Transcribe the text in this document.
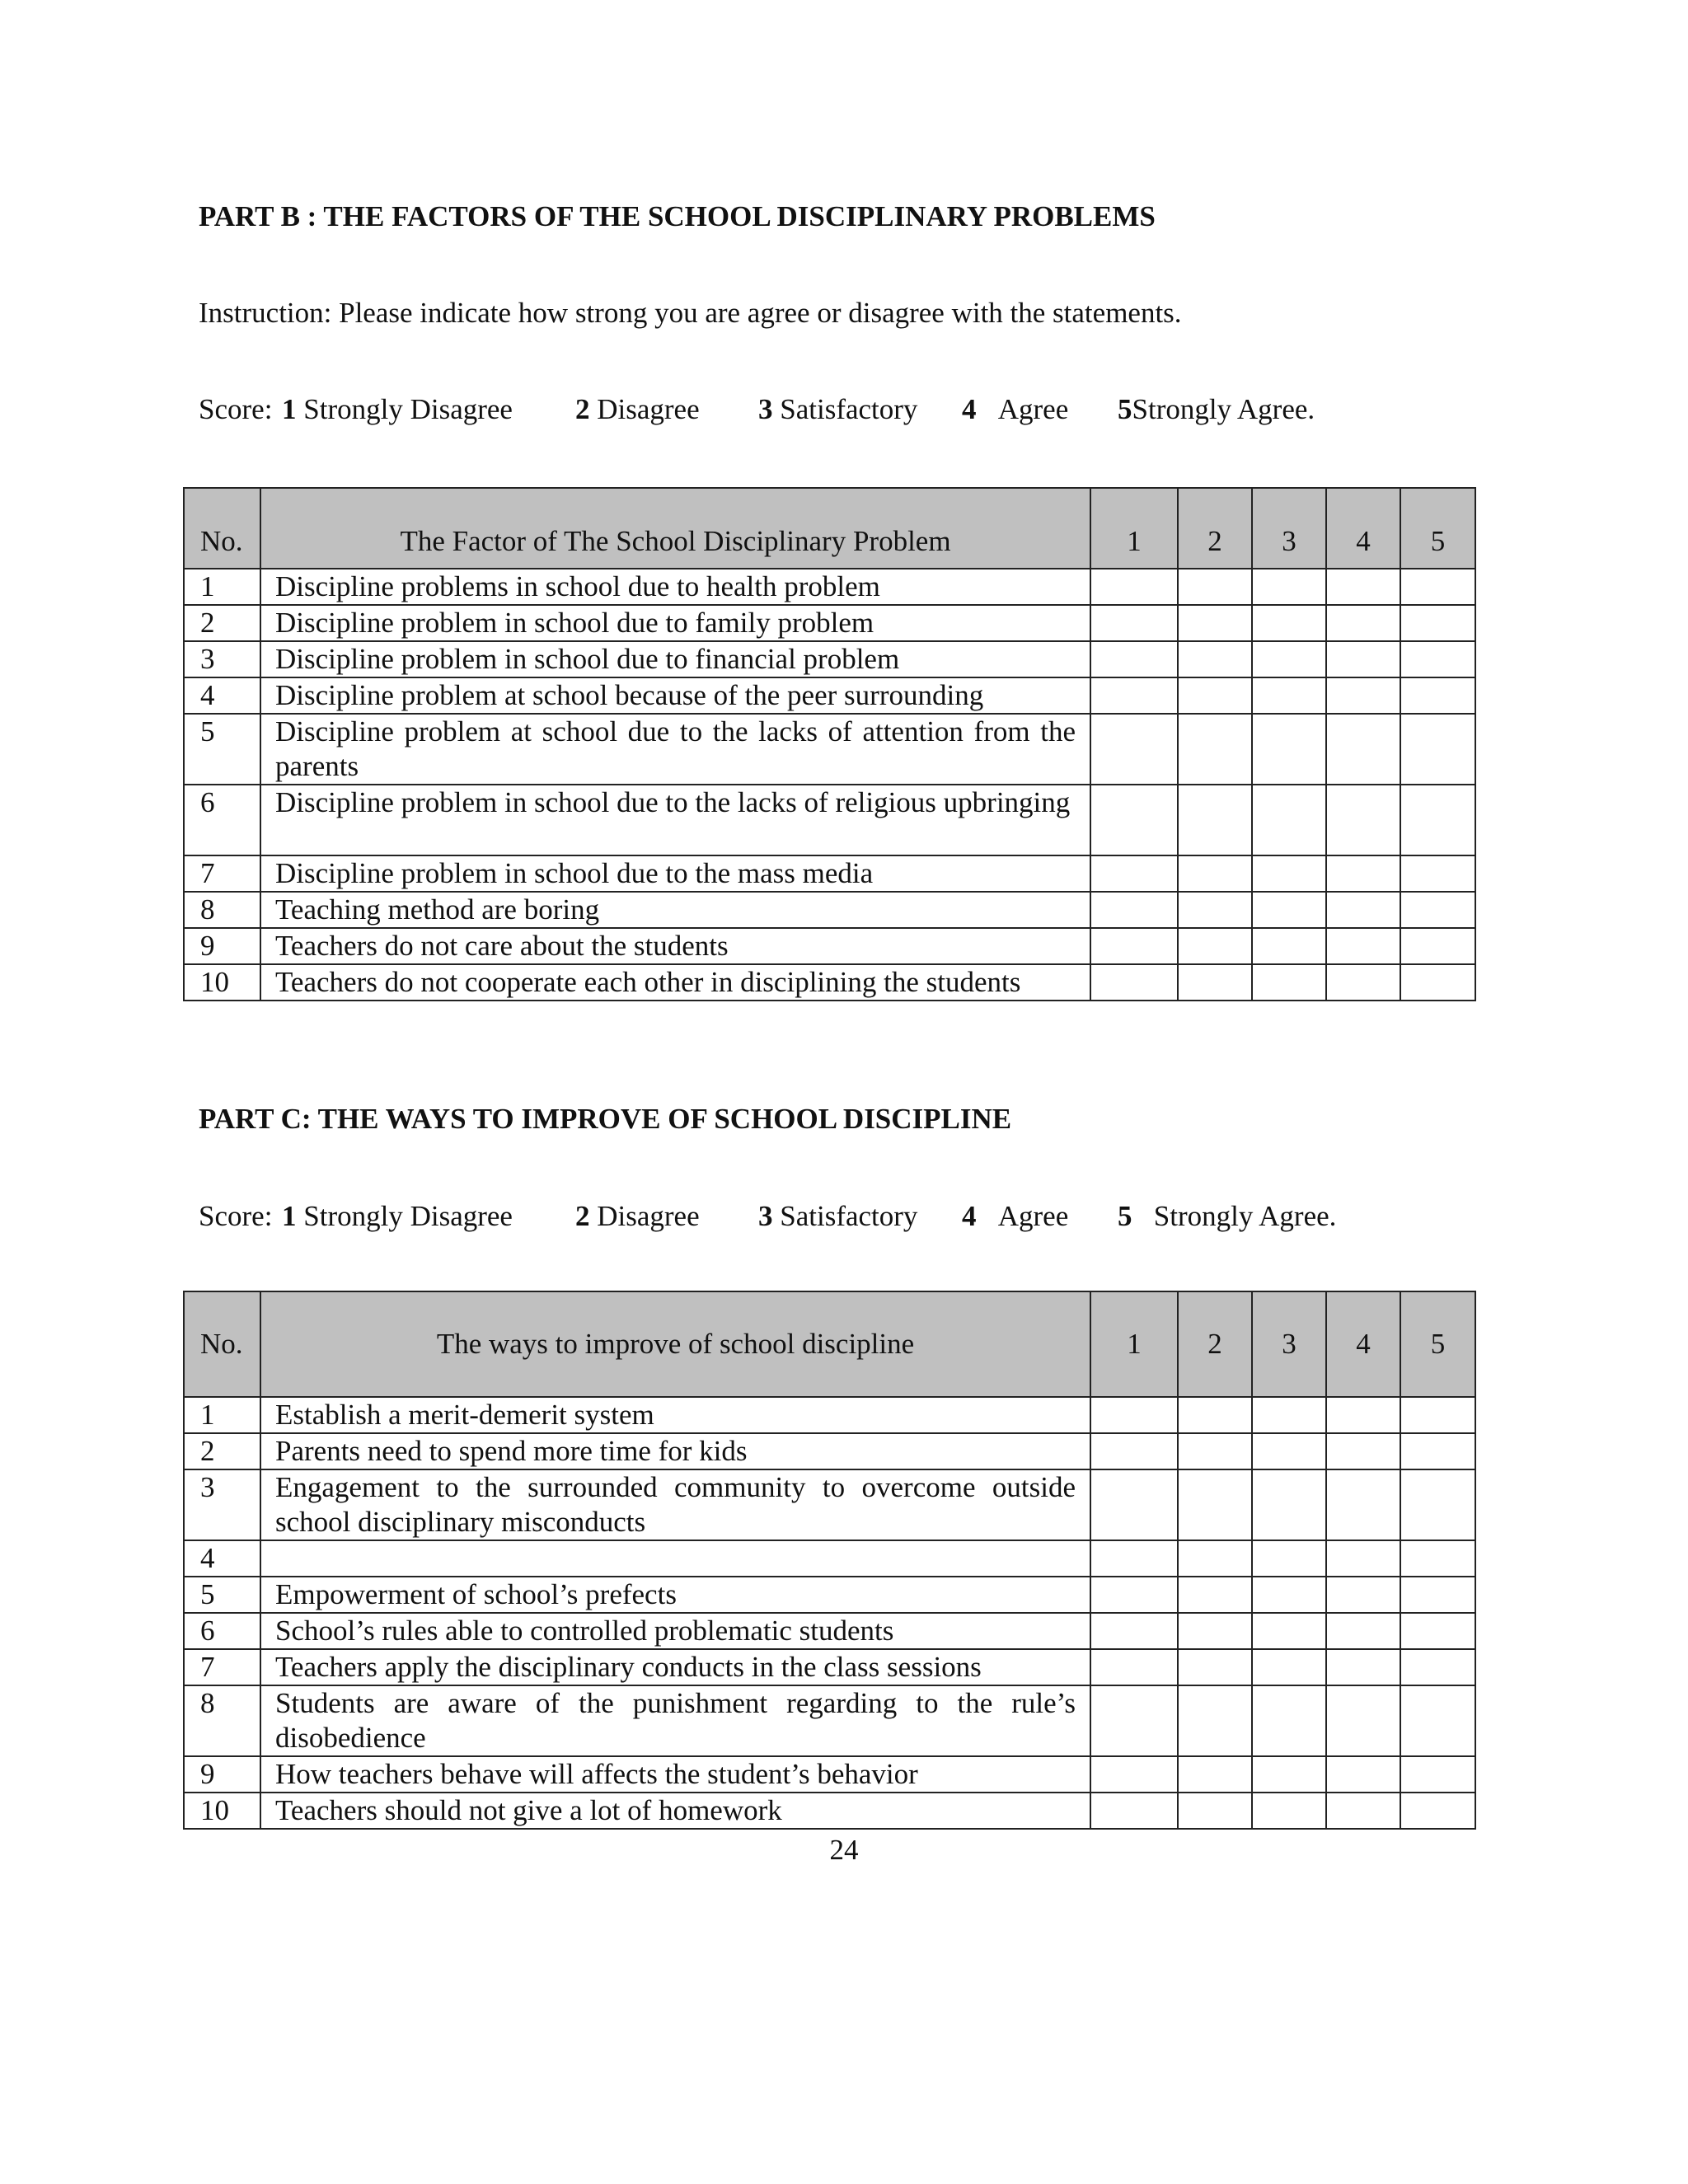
PART B : THE FACTORS OF THE SCHOOL DISCIPLINARY PROBLEMS
Instruction: Please indicate how strong you are agree or disagree with the statements.
Score: 1 Strongly Disagree 2 Disagree 3 Satisfactory 4 Agree 5Strongly Agree.
No.	The Factor of The School Disciplinary Problem	1	2	3	4	5
1	Discipline problems in school due to health problem					
2	Discipline problem in school due to family problem					
3	Discipline problem in school due to financial problem					
4	Discipline problem at school because of the peer surrounding					
5	Discipline problem at school due to the lacks of attention from the parents					
6	Discipline problem in school due to the lacks of religious upbringing					
7	Discipline problem in school due to the mass media					
8	Teaching method are boring					
9	Teachers do not care about the students					
10	Teachers do not cooperate each other in disciplining the students					
PART C: THE WAYS TO IMPROVE OF SCHOOL DISCIPLINE
Score: 1 Strongly Disagree 2 Disagree 3 Satisfactory 4 Agree 5 Strongly Agree.
No.	The ways to improve of school discipline	1	2	3	4	5
1	Establish a merit-demerit system					
2	Parents need to spend more time for kids					
3	Engagement to the surrounded community to overcome outside school disciplinary misconducts					
4						
5	Empowerment of school’s prefects					
6	School’s rules able to controlled problematic students					
7	Teachers apply the disciplinary conducts in the class sessions					
8	Students are aware of the punishment regarding to the rule’s disobedience					
9	How teachers behave will affects the student’s behavior					
10	Teachers should not give a lot of homework					
24
